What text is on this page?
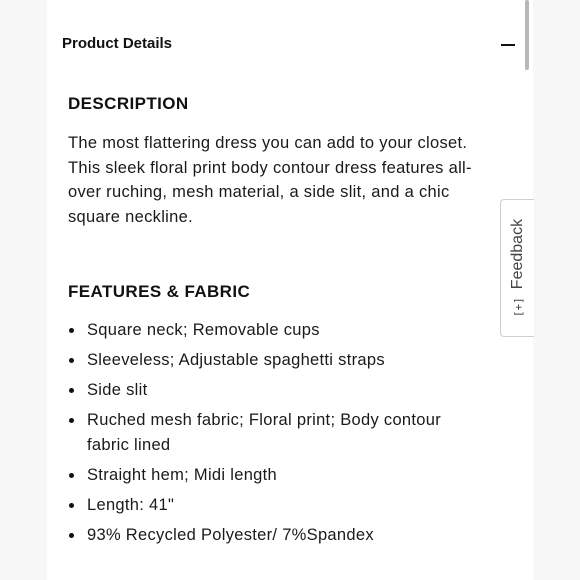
Product Details
DESCRIPTION
The most flattering dress you can add to your closet.
This sleek floral print body contour dress features all-
over ruching, mesh material, a side slit, and a chic
square neckline.
FEATURES & FABRIC
Square neck; Removable cups
Sleeveless; Adjustable spaghetti straps
Side slit
Ruched mesh fabric; Floral print; Body contour
fabric lined
Straight hem; Midi length
Length: 41"
93% Recycled Polyester/ 7%Spandex
[+]
Feedback
